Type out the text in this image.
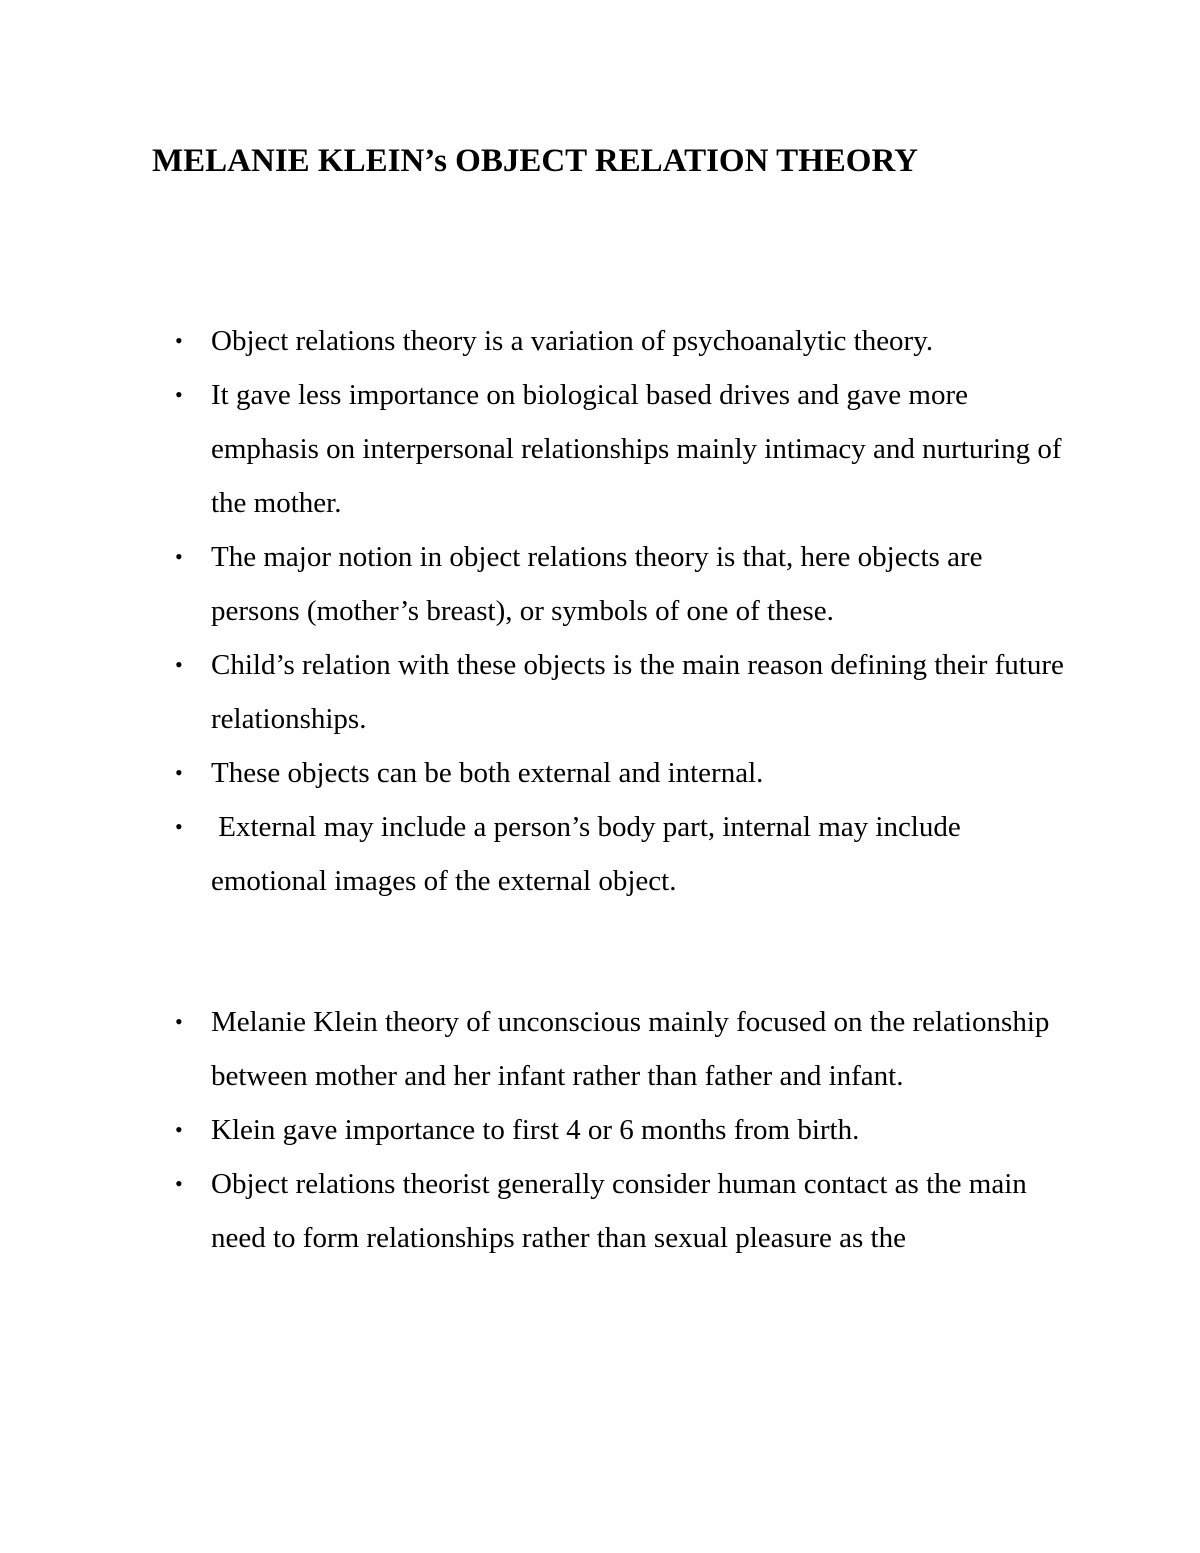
MELANIE KLEIN’s OBJECT RELATION THEORY
•
Object relations theory is a variation of psychoanalytic theory.
•
It gave less importance on biological based drives and gave more emphasis on interpersonal relationships mainly intimacy and nurturing of the mother.
•
The major notion in object relations theory is that, here objects are persons (mother’s breast), or symbols of one of these.
•
Child’s relation with these objects is the main reason defining their future relationships.
•
These objects can be both external and internal.
•
External may include a person’s body part, internal may include emotional images of the external object.
•
Melanie Klein theory of unconscious mainly focused on the relationship between mother and her infant rather than father and infant.
•
Klein gave importance to first 4 or 6 months from birth.
•
Object relations theorist generally consider human contact as the main need to form relationships rather than sexual pleasure as the
